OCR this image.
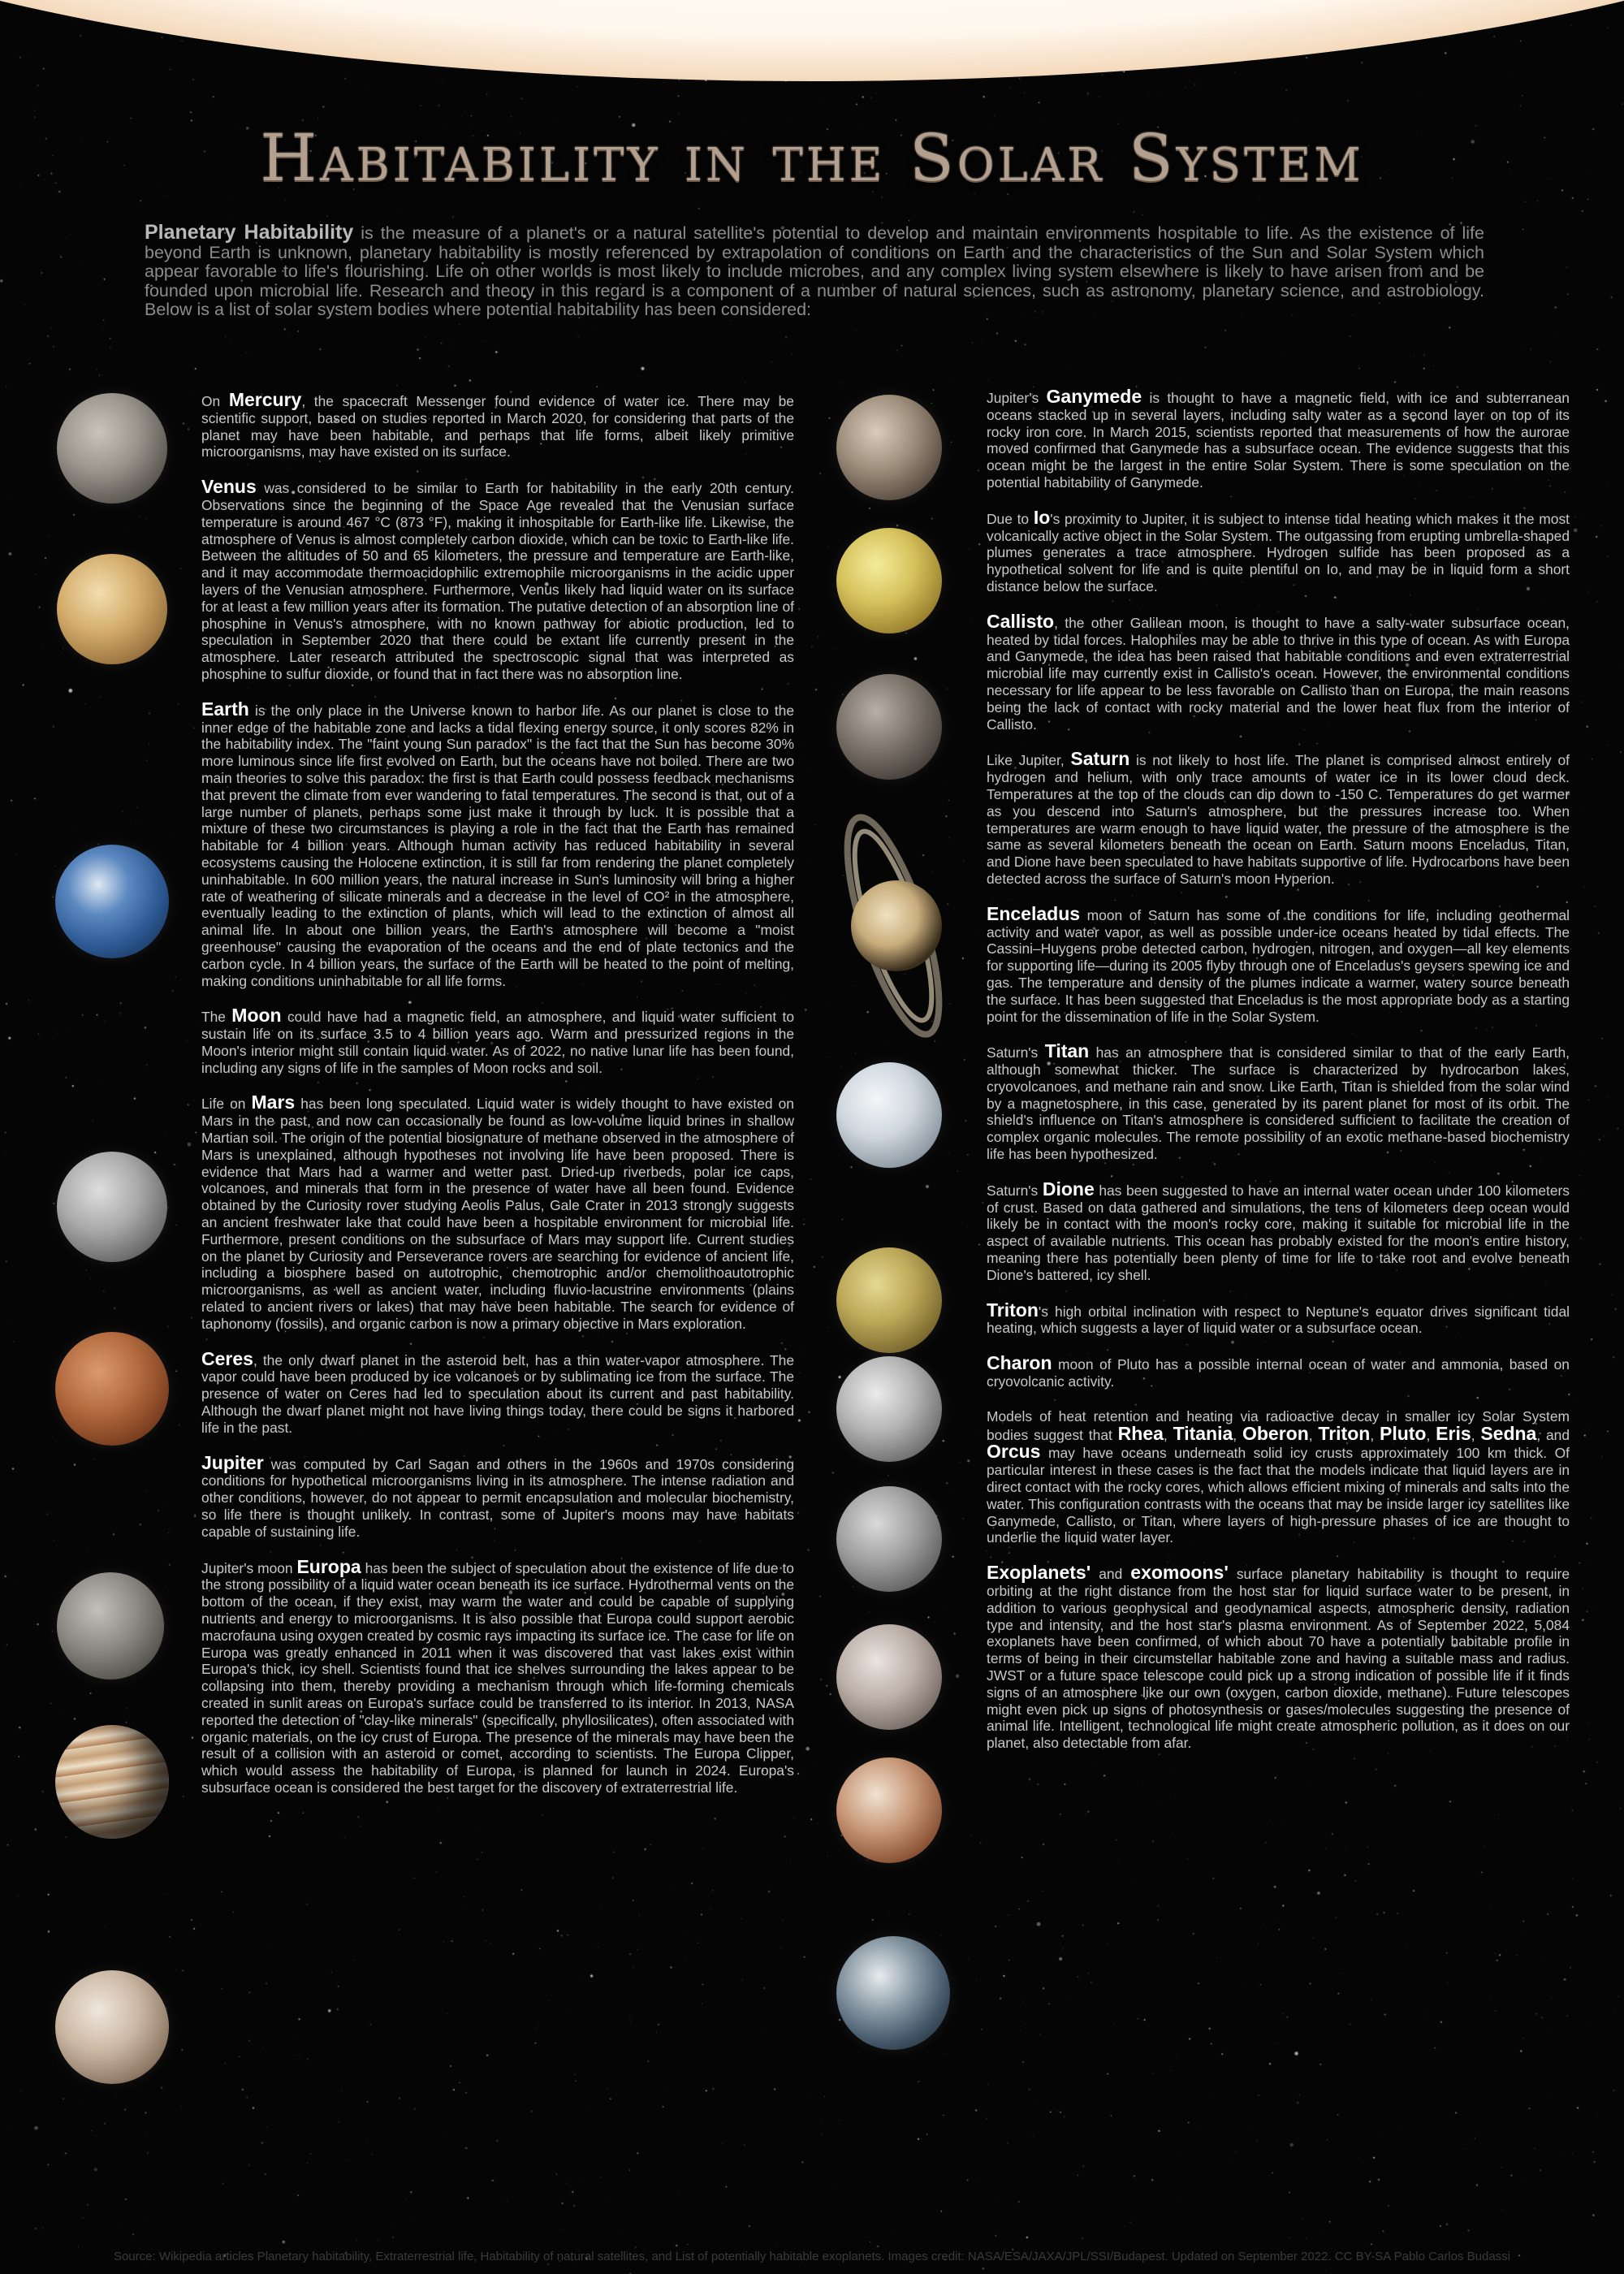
Habitability in the Solar System
Planetary Habitability is the measure of a planet's or a natural satellite's potential to develop and maintain environments hospitable to life. As the existence of life beyond Earth is unknown, planetary habitability is mostly referenced by extrapolation of conditions on Earth and the characteristics of the Sun and Solar System which appear favorable to life's flourishing. Life on other worlds is most likely to include microbes, and any complex living system elsewhere is likely to have arisen from and be founded upon microbial life. Research and theory in this regard is a component of a number of natural sciences, such as astronomy, planetary science, and astrobiology. Below is a list of solar system bodies where potential habitability has been considered:

On Mercury, the spacecraft Messenger found evidence of water ice. There may be scientific support, based on studies reported in March 2020, for considering that parts of the planet may have been habitable, and perhaps that life forms, albeit likely primitive microorganisms, may have existed on its surface.

Venus was considered to be similar to Earth for habitability in the early 20th century. Observations since the beginning of the Space Age revealed that the Venusian surface temperature is around 467 °C (873 °F), making it inhospitable for Earth-like life. Likewise, the atmosphere of Venus is almost completely carbon dioxide, which can be toxic to Earth-like life. Between the altitudes of 50 and 65 kilometers, the pressure and temperature are Earth-like, and it may accommodate thermoacidophilic extremophile microorganisms in the acidic upper layers of the Venusian atmosphere. Furthermore, Venus likely had liquid water on its surface for at least a few million years after its formation. The putative detection of an absorption line of phosphine in Venus's atmosphere, with no known pathway for abiotic production, led to speculation in September 2020 that there could be extant life currently present in the atmosphere. Later research attributed the spectroscopic signal that was interpreted as phosphine to sulfur dioxide, or found that in fact there was no absorption line.

Earth is the only place in the Universe known to harbor life. As our planet is close to the inner edge of the habitable zone and lacks a tidal flexing energy source, it only scores 82% in the habitability index. The "faint young Sun paradox" is the fact that the Sun has become 30% more luminous since life first evolved on Earth, but the oceans have not boiled. There are two main theories to solve this paradox: the first is that Earth could possess feedback mechanisms that prevent the climate from ever wandering to fatal temperatures. The second is that, out of a large number of planets, perhaps some just make it through by luck. It is possible that a mixture of these two circumstances is playing a role in the fact that the Earth has remained habitable for 4 billion years. Although human activity has reduced habitability in several ecosystems causing the Holocene extinction, it is still far from rendering the planet completely uninhabitable. In 600 million years, the natural increase in Sun's luminosity will bring a higher rate of weathering of silicate minerals and a decrease in the level of CO² in the atmosphere, eventually leading to the extinction of plants, which will lead to the extinction of almost all animal life. In about one billion years, the Earth's atmosphere will become a "moist greenhouse" causing the evaporation of the oceans and the end of plate tectonics and the carbon cycle. In 4 billion years, the surface of the Earth will be heated to the point of melting, making conditions uninhabitable for all life forms.

The Moon could have had a magnetic field, an atmosphere, and liquid water sufficient to sustain life on its surface 3.5 to 4 billion years ago. Warm and pressurized regions in the Moon's interior might still contain liquid water. As of 2022, no native lunar life has been found, including any signs of life in the samples of Moon rocks and soil.

Life on Mars has been long speculated. Liquid water is widely thought to have existed on Mars in the past, and now can occasionally be found as low-volume liquid brines in shallow Martian soil. The origin of the potential biosignature of methane observed in the atmosphere of Mars is unexplained, although hypotheses not involving life have been proposed. There is evidence that Mars had a warmer and wetter past. Dried-up riverbeds, polar ice caps, volcanoes, and minerals that form in the presence of water have all been found. Evidence obtained by the Curiosity rover studying Aeolis Palus, Gale Crater in 2013 strongly suggests an ancient freshwater lake that could have been a hospitable environment for microbial life. Furthermore, present conditions on the subsurface of Mars may support life. Current studies on the planet by Curiosity and Perseverance rovers are searching for evidence of ancient life, including a biosphere based on autotrophic, chemotrophic and/or chemolithoautotrophic microorganisms, as well as ancient water, including fluvio-lacustrine environments (plains related to ancient rivers or lakes) that may have been habitable. The search for evidence of taphonomy (fossils), and organic carbon is now a primary objective in Mars exploration.

Ceres, the only dwarf planet in the asteroid belt, has a thin water-vapor atmosphere. The vapor could have been produced by ice volcanoes or by sublimating ice from the surface. The presence of water on Ceres had led to speculation about its current and past habitability. Although the dwarf planet might not have living things today, there could be signs it harbored life in the past.

Jupiter was computed by Carl Sagan and others in the 1960s and 1970s considering conditions for hypothetical microorganisms living in its atmosphere. The intense radiation and other conditions, however, do not appear to permit encapsulation and molecular biochemistry, so life there is thought unlikely. In contrast, some of Jupiter's moons may have habitats capable of sustaining life.

Jupiter's moon Europa has been the subject of speculation about the existence of life due to the strong possibility of a liquid water ocean beneath its ice surface. Hydrothermal vents on the bottom of the ocean, if they exist, may warm the water and could be capable of supplying nutrients and energy to microorganisms. It is also possible that Europa could support aerobic macrofauna using oxygen created by cosmic rays impacting its surface ice. The case for life on Europa was greatly enhanced in 2011 when it was discovered that vast lakes exist within Europa's thick, icy shell. Scientists found that ice shelves surrounding the lakes appear to be collapsing into them, thereby providing a mechanism through which life-forming chemicals created in sunlit areas on Europa's surface could be transferred to its interior. In 2013, NASA reported the detection of "clay-like minerals" (specifically, phyllosilicates), often associated with organic materials, on the icy crust of Europa. The presence of the minerals may have been the result of a collision with an asteroid or comet, according to scientists. The Europa Clipper, which would assess the habitability of Europa, is planned for launch in 2024. Europa's subsurface ocean is considered the best target for the discovery of extraterrestrial life.

Jupiter's Ganymede is thought to have a magnetic field, with ice and subterranean oceans stacked up in several layers, including salty water as a second layer on top of its rocky iron core. In March 2015, scientists reported that measurements of how the aurorae moved confirmed that Ganymede has a subsurface ocean. The evidence suggests that this ocean might be the largest in the entire Solar System. There is some speculation on the potential habitability of Ganymede.

Due to Io's proximity to Jupiter, it is subject to intense tidal heating which makes it the most volcanically active object in the Solar System. The outgassing from erupting umbrella-shaped plumes generates a trace atmosphere. Hydrogen sulfide has been proposed as a hypothetical solvent for life and is quite plentiful on Io, and may be in liquid form a short distance below the surface.

Callisto, the other Galilean moon, is thought to have a salty-water subsurface ocean, heated by tidal forces. Halophiles may be able to thrive in this type of ocean. As with Europa and Ganymede, the idea has been raised that habitable conditions and even extraterrestrial microbial life may currently exist in Callisto's ocean. However, the environmental conditions necessary for life appear to be less favorable on Callisto than on Europa, the main reasons being the lack of contact with rocky material and the lower heat flux from the interior of Callisto.

Like Jupiter, Saturn is not likely to host life. The planet is comprised almost entirely of hydrogen and helium, with only trace amounts of water ice in its lower cloud deck. Temperatures at the top of the clouds can dip down to -150 C. Temperatures do get warmer as you descend into Saturn's atmosphere, but the pressures increase too. When temperatures are warm enough to have liquid water, the pressure of the atmosphere is the same as several kilometers beneath the ocean on Earth. Saturn moons Enceladus, Titan, and Dione have been speculated to have habitats supportive of life. Hydrocarbons have been detected across the surface of Saturn's moon Hyperion.

Enceladus moon of Saturn has some of the conditions for life, including geothermal activity and water vapor, as well as possible under-ice oceans heated by tidal effects. The Cassini–Huygens probe detected carbon, hydrogen, nitrogen, and oxygen—all key elements for supporting life—during its 2005 flyby through one of Enceladus's geysers spewing ice and gas. The temperature and density of the plumes indicate a warmer, watery source beneath the surface. It has been suggested that Enceladus is the most appropriate body as a starting point for the dissemination of life in the Solar System.

Saturn's Titan has an atmosphere that is considered similar to that of the early Earth, although somewhat thicker. The surface is characterized by hydrocarbon lakes, cryovolcanoes, and methane rain and snow. Like Earth, Titan is shielded from the solar wind by a magnetosphere, in this case, generated by its parent planet for most of its orbit. The shield's influence on Titan's atmosphere is considered sufficient to facilitate the creation of complex organic molecules. The remote possibility of an exotic methane-based biochemistry life has been hypothesized.

Saturn's Dione has been suggested to have an internal water ocean under 100 kilometers of crust. Based on data gathered and simulations, the tens of kilometers deep ocean would likely be in contact with the moon's rocky core, making it suitable for microbial life in the aspect of available nutrients. This ocean has probably existed for the moon's entire history, meaning there has potentially been plenty of time for life to take root and evolve beneath Dione's battered, icy shell.

Triton's high orbital inclination with respect to Neptune's equator drives significant tidal heating, which suggests a layer of liquid water or a subsurface ocean.

Charon moon of Pluto has a possible internal ocean of water and ammonia, based on cryovolcanic activity.

Models of heat retention and heating via radioactive decay in smaller icy Solar System bodies suggest that Rhea, Titania, Oberon, Triton, Pluto, Eris, Sedna, and Orcus may have oceans underneath solid icy crusts approximately 100 km thick. Of particular interest in these cases is the fact that the models indicate that liquid layers are in direct contact with the rocky cores, which allows efficient mixing of minerals and salts into the water. This configuration contrasts with the oceans that may be inside larger icy satellites like Ganymede, Callisto, or Titan, where layers of high-pressure phases of ice are thought to underlie the liquid water layer.

Exoplanets' and exomoons' surface planetary habitability is thought to require orbiting at the right distance from the host star for liquid surface water to be present, in addition to various geophysical and geodynamical aspects, atmospheric density, radiation type and intensity, and the host star's plasma environment. As of September 2022, 5,084 exoplanets have been confirmed, of which about 70 have a potentially habitable profile in terms of being in their circumstellar habitable zone and having a suitable mass and radius. JWST or a future space telescope could pick up a strong indication of possible life if it finds signs of an atmosphere like our own (oxygen, carbon dioxide, methane). Future telescopes might even pick up signs of photosynthesis or gases/molecules suggesting the presence of animal life. Intelligent, technological life might create atmospheric pollution, as it does on our planet, also detectable from afar.

Source: Wikipedia articles Planetary habitability, Extraterrestrial life, Habitability of natural satellites, and List of potentially habitable exoplanets. Images credit: NASA/ESA/JAXA/JPL/SSI/Budapest. Updated on September 2022. CC BY-SA Pablo Carlos Budassi
